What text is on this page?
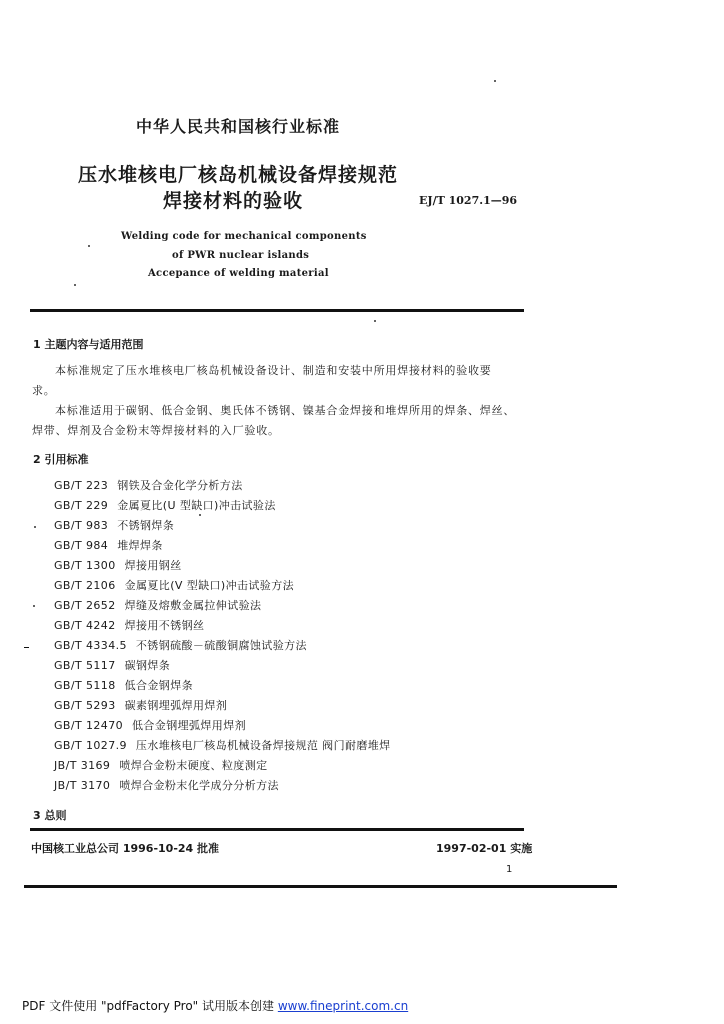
中华人民共和国核行业标准
压水堆核电厂核岛机械设备焊接规范
焊接材料的验收	EJ/T 1027.1—96
Welding code for mechanical components
of PWR nuclear islands
Accepance of welding material
1 主题内容与适用范围
本标准规定了压水堆核电厂核岛机械设备设计、制造和安装中所用焊接材料的验收要
求。
本标准适用于碳钢、低合金钢、奥氏体不锈钢、镍基合金焊接和堆焊所用的焊条、焊丝、
焊带、焊剂及合金粉末等焊接材料的入厂验收。
2 引用标准
GB/T 223 钢铁及合金化学分析方法
GB/T 229 金属夏比(U 型缺口)冲击试验法
GB/T 983 不锈钢焊条
GB/T 984 堆焊焊条
GB/T 1300 焊接用钢丝
GB/T 2106 金属夏比(V 型缺口)冲击试验方法
GB/T 2652 焊缝及熔敷金属拉伸试验法
GB/T 4242 焊接用不锈钢丝
GB/T 4334.5 不锈钢硫酸－硫酸铜腐蚀试验方法
GB/T 5117 碳钢焊条
GB/T 5118 低合金钢焊条
GB/T 5293 碳素钢埋弧焊用焊剂
GB/T 12470 低合金钢埋弧焊用焊剂
GB/T 1027.9 压水堆核电厂核岛机械设备焊接规范 阀门耐磨堆焊
JB/T 3169 喷焊合金粉末硬度、粒度测定
JB/T 3170 喷焊合金粉末化学成分分析方法
3 总则
中国核工业总公司 1996-10-24 批准	1997-02-01 实施
1
PDF 文件使用 "pdfFactory Pro" 试用版本创建 www.fineprint.com.cn
